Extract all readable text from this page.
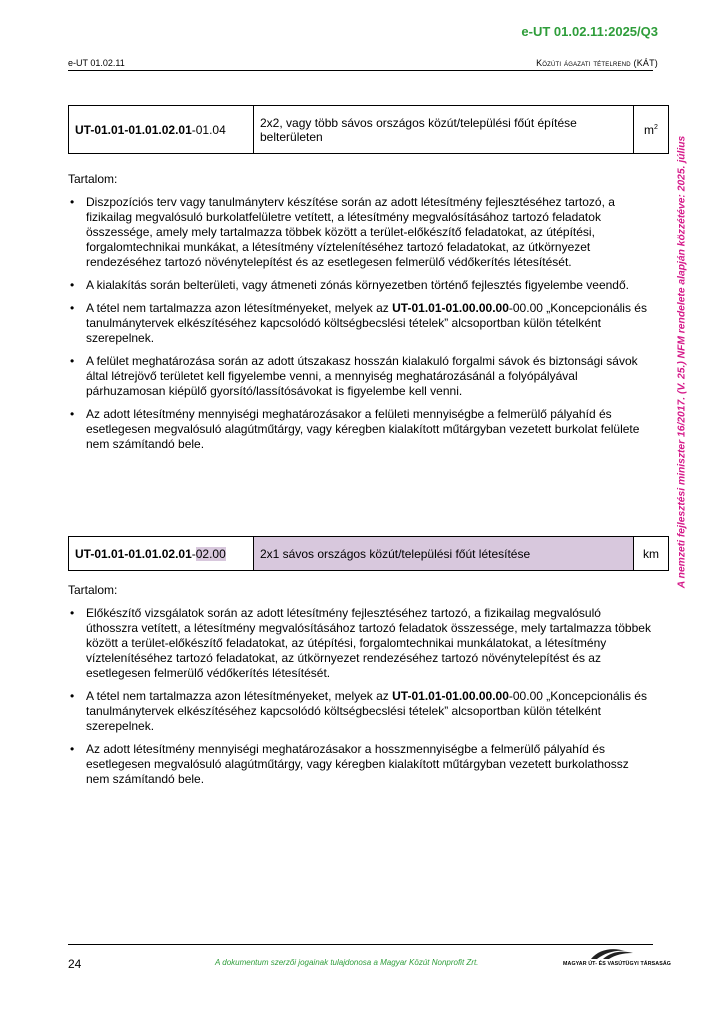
e-UT 01.02.11:2025/Q3
e-UT 01.02.11	Közúti ágazati tételrend (KÁT)
A nemzeti fejlesztési miniszter 16/2017. (V. 25.) NFM rendelete alapján közzétéve: 2025. július
UT-01.01-01.01.02.01-01.04	2x2, vagy több sávos országos közút/települési főút építése belterületen	$m^2$
Tartalom:
• Diszpozíciós terv vagy tanulmányterv készítése során az adott létesítmény fejlesztéséhez tartozó, a fizikailag megvalósuló burkolatfelületre vetített, a létesítmény megvalósításához tartozó feladatok összessége, amely mely tartalmazza többek között a terület-előkészítő feladatokat, az útépítési, forgalomtechnikai munkákat, a létesítmény víztelenítéséhez tartozó feladatokat, az útkörnyezet rendezéséhez tartozó növénytelepítést és az esetlegesen felmerülő védőkerítés létesítését.
• A kialakítás során belterületi, vagy átmeneti zónás környezetben történő fejlesztés figyelembe veendő.
• A tétel nem tartalmazza azon létesítményeket, melyek az UT-01.01-01.00.00.00-00.00 „Koncepcionális és tanulmánytervek elkészítéséhez kapcsolódó költségbecslési tételek” alcsoportban külön tételként szerepelnek.
• A felület meghatározása során az adott útszakasz hosszán kialakuló forgalmi sávok és biztonsági sávok által létrejövő területet kell figyelembe venni, a mennyiség meghatározásánál a folyópályával párhuzamosan kiépülő gyorsító/lassítósávokat is figyelembe kell venni.
• Az adott létesítmény mennyiségi meghatározásakor a felületi mennyiségbe a felmerülő pályahíd és esetlegesen megvalósuló alagútműtárgy, vagy kéregben kialakított műtárgyban vezetett burkolat felülete nem számítandó bele.
UT-01.01-01.01.02.01-02.00	2x1 sávos országos közút/települési főút létesítése	km
Tartalom:
• Előkészítő vizsgálatok során az adott létesítmény fejlesztéséhez tartozó, a fizikailag megvalósuló úthosszra vetített, a létesítmény megvalósításához tartozó feladatok összessége, mely tartalmazza többek között a terület-előkészítő feladatokat, az útépítési, forgalomtechnikai munkálatokat, a létesítmény víztelenítéséhez tartozó feladatokat, az útkörnyezet rendezéséhez tartozó növénytelepítést és az esetlegesen felmerülő védőkerítés létesítését.
• A tétel nem tartalmazza azon létesítményeket, melyek az UT-01.01-01.00.00.00-00.00 „Koncepcionális és tanulmánytervek elkészítéséhez kapcsolódó költségbecslési tételek” alcsoportban külön tételként szerepelnek.
• Az adott létesítmény mennyiségi meghatározásakor a hosszmennyiségbe a felmerülő pályahíd és esetlegesen megvalósuló alagútműtárgy, vagy kéregben kialakított műtárgyban vezetett burkolathossz nem számítandó bele.
24	A dokumentum szerzői jogainak tulajdonosa a Magyar Közút Nonprofit Zrt.	MAGYAR ÚT- ÉS VASÚTÜGYI TÁRSASÁG
